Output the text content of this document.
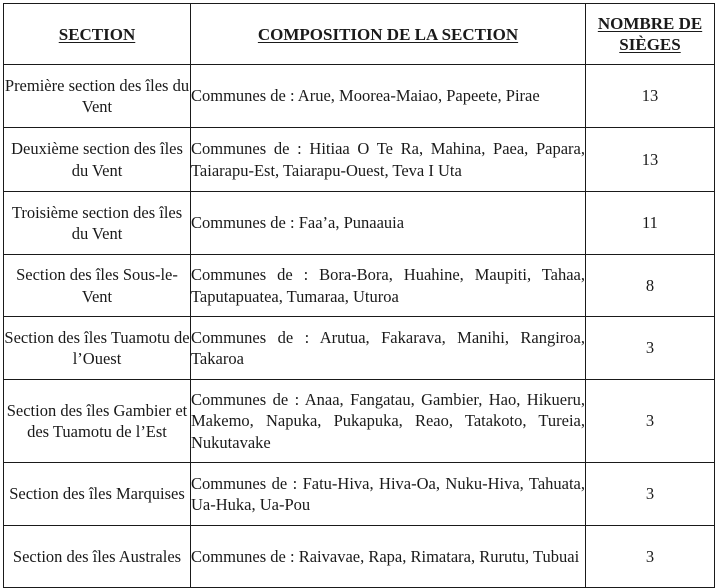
SECTION	COMPOSITION DE LA SECTION	NOMBRE DE
SIÈGES
Première section des îles du Vent	Communes de : Arue, Moorea-Maiao, Papeete, Pirae	13
Deuxième section des îles du Vent	Communes de : Hitiaa O Te Ra, Mahina, Paea, Papara, Taiarapu-Est, Taiarapu-Ouest, Teva I Uta	13
Troisième section des îles du Vent	Communes de : Faa’a, Punaauia	11
Section des îles Sous-le-Vent	Communes de : Bora-Bora, Huahine, Maupiti, Tahaa, Taputapuatea, Tumaraa, Uturoa	8
Section des îles Tuamotu de l’Ouest	Communes de : Arutua, Fakarava, Manihi, Rangiroa, Takaroa	3
Section des îles Gambier et des Tuamotu de l’Est	Communes de : Anaa, Fangatau, Gambier, Hao, Hikueru, Makemo, Napuka, Pukapuka, Reao, Tatakoto, Tureia, Nukutavake	3
Section des îles Marquises	Communes de : Fatu-Hiva, Hiva-Oa, Nuku-Hiva, Tahuata, Ua-Huka, Ua-Pou	3
Section des îles Australes	Communes de : Raivavae, Rapa, Rimatara, Rurutu, Tubuai	3
